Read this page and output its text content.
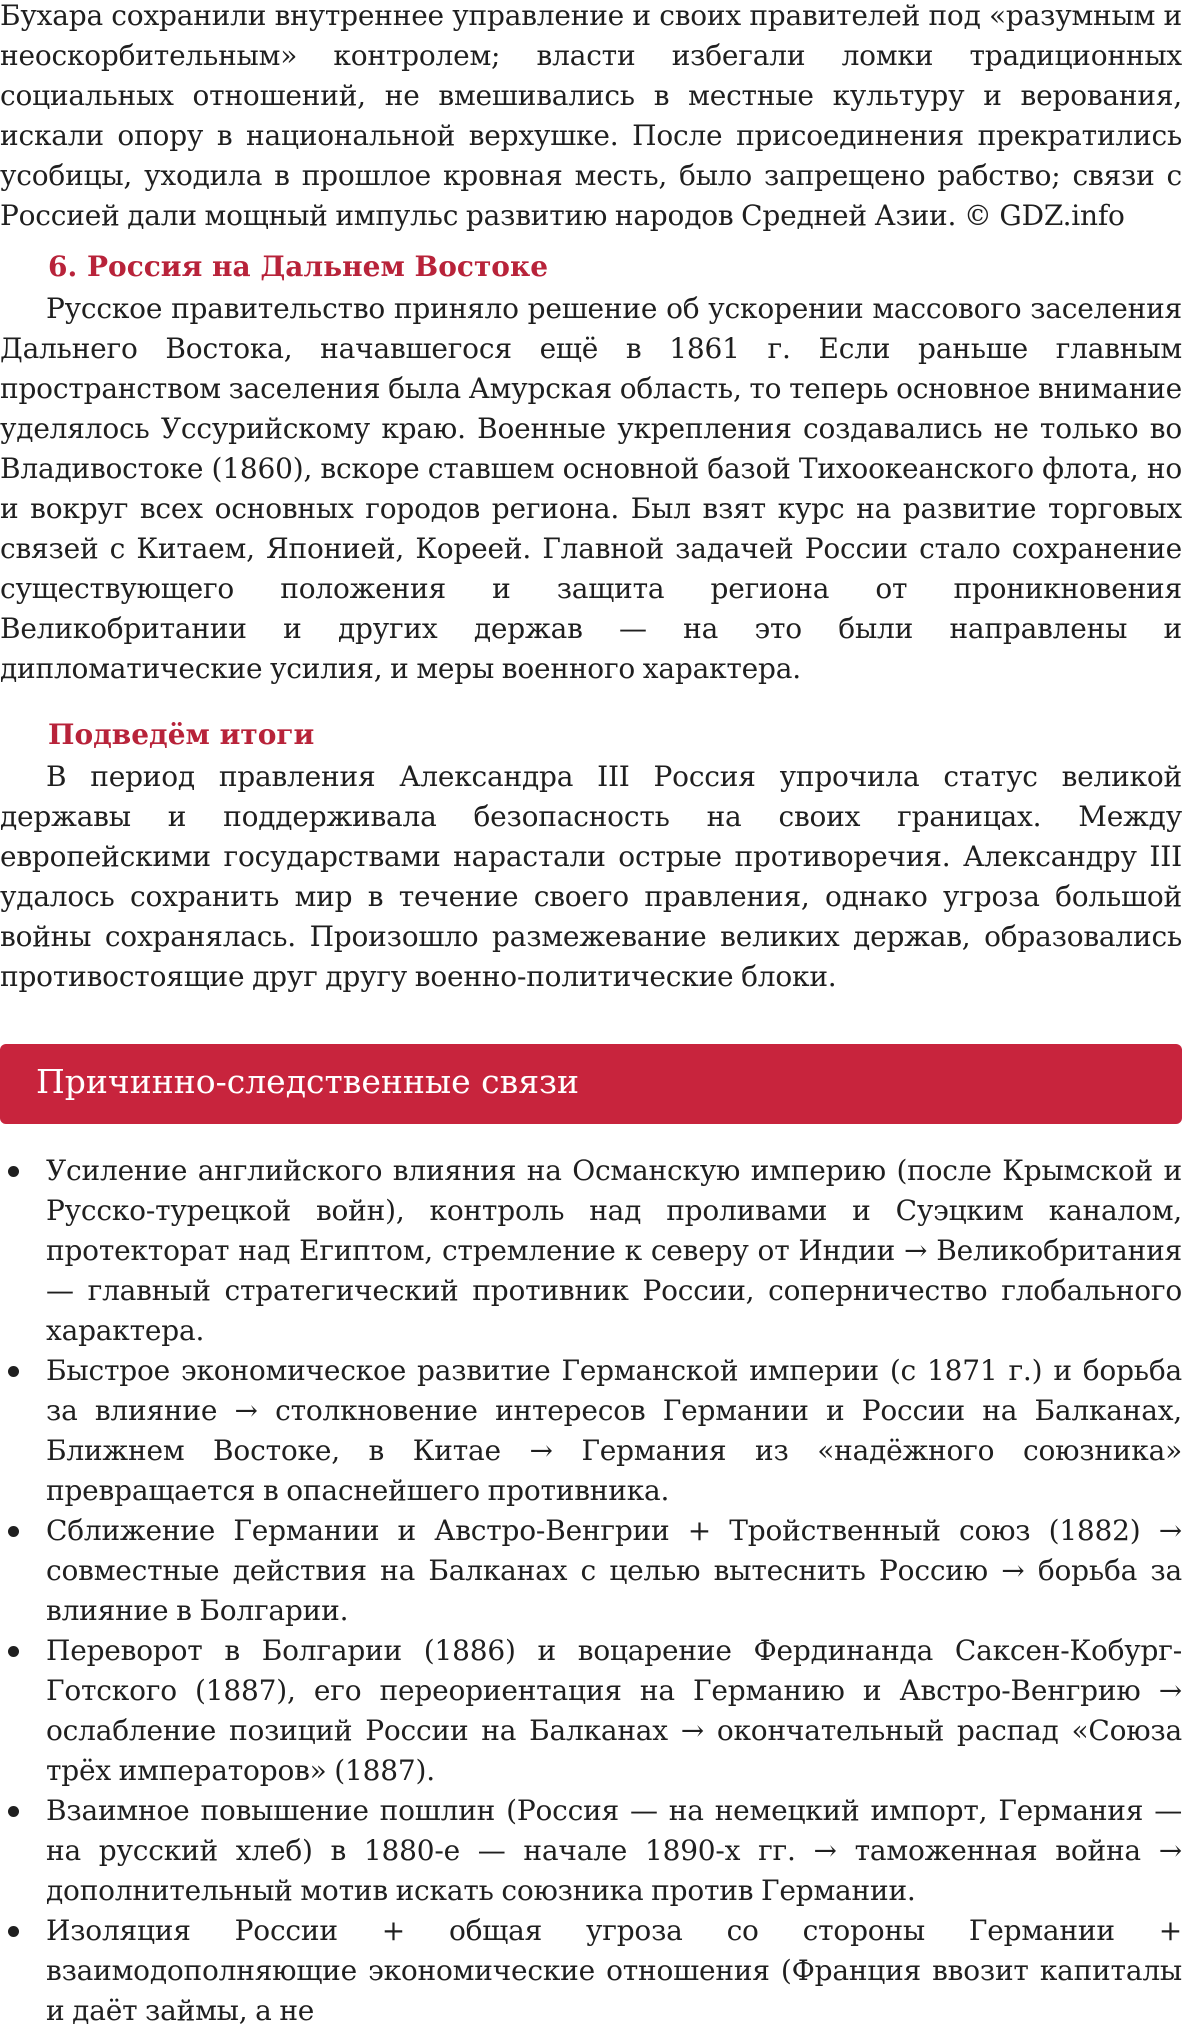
Бухара сохранили внутреннее управление и своих правителей под «разумным и неоскорбительным» контролем; власти избегали ломки традиционных социальных отношений, не вмешивались в местные культуру и верования, искали опору в национальной верхушке. После присоединения прекратились усобицы, уходила в прошлое кровная месть, было запрещено рабство; связи с Россией дали мощный импульс развитию народов Средней Азии. © GDZ.info

6. Россия на Дальнем Востоке

Русское правительство приняло решение об ускорении массового заселения Дальнего Востока, начавшегося ещё в 1861 г. Если раньше главным пространством заселения была Амурская область, то теперь основное внимание уделялось Уссурийскому краю. Военные укрепления создавались не только во Владивостоке (1860), вскоре ставшем основной базой Тихоокеанского флота, но и вокруг всех основных городов региона. Был взят курс на развитие торговых связей с Китаем, Японией, Кореей. Главной задачей России стало сохранение существующего положения и защита региона от проникновения Великобритании и других держав — на это были направлены и дипломатические усилия, и меры военного характера.

Подведём итоги

В период правления Александра III Россия упрочила статус великой державы и поддерживала безопасность на своих границах. Между европейскими государствами нарастали острые противоречия. Александру III удалось сохранить мир в течение своего правления, однако угроза большой войны сохранялась. Произошло размежевание великих держав, образовались противостоящие друг другу военно-политические блоки.

Причинно-следственные связи
Усиление английского влияния на Османскую империю (после Крымской и Русско-турецкой войн), контроль над проливами и Суэцким каналом, протекторат над Египтом, стремление к северу от Индии → Великобритания — главный стратегический противник России, соперничество глобального характера.
Быстрое экономическое развитие Германской империи (с 1871 г.) и борьба за влияние → столкновение интересов Германии и России на Балканах, Ближнем Востоке, в Китае → Германия из «надёжного союзника» превращается в опаснейшего противника.
Сближение Германии и Австро-Венгрии + Тройственный союз (1882) → совместные действия на Балканах с целью вытеснить Россию → борьба за влияние в Болгарии.
Переворот в Болгарии (1886) и воцарение Фердинанда Саксен-Кобург-Готского (1887), его переориентация на Германию и Австро-Венгрию → ослабление позиций России на Балканах → окончательный распад «Союза трёх императоров» (1887).
Взаимное повышение пошлин (Россия — на немецкий импорт, Германия — на русский хлеб) в 1880-е — начале 1890-х гг. → таможенная война → дополнительный мотив искать союзника против Германии.
Изоляция России + общая угроза со стороны Германии + взаимодополняющие экономические отношения (Франция ввозит капиталы и даёт займы, а не
